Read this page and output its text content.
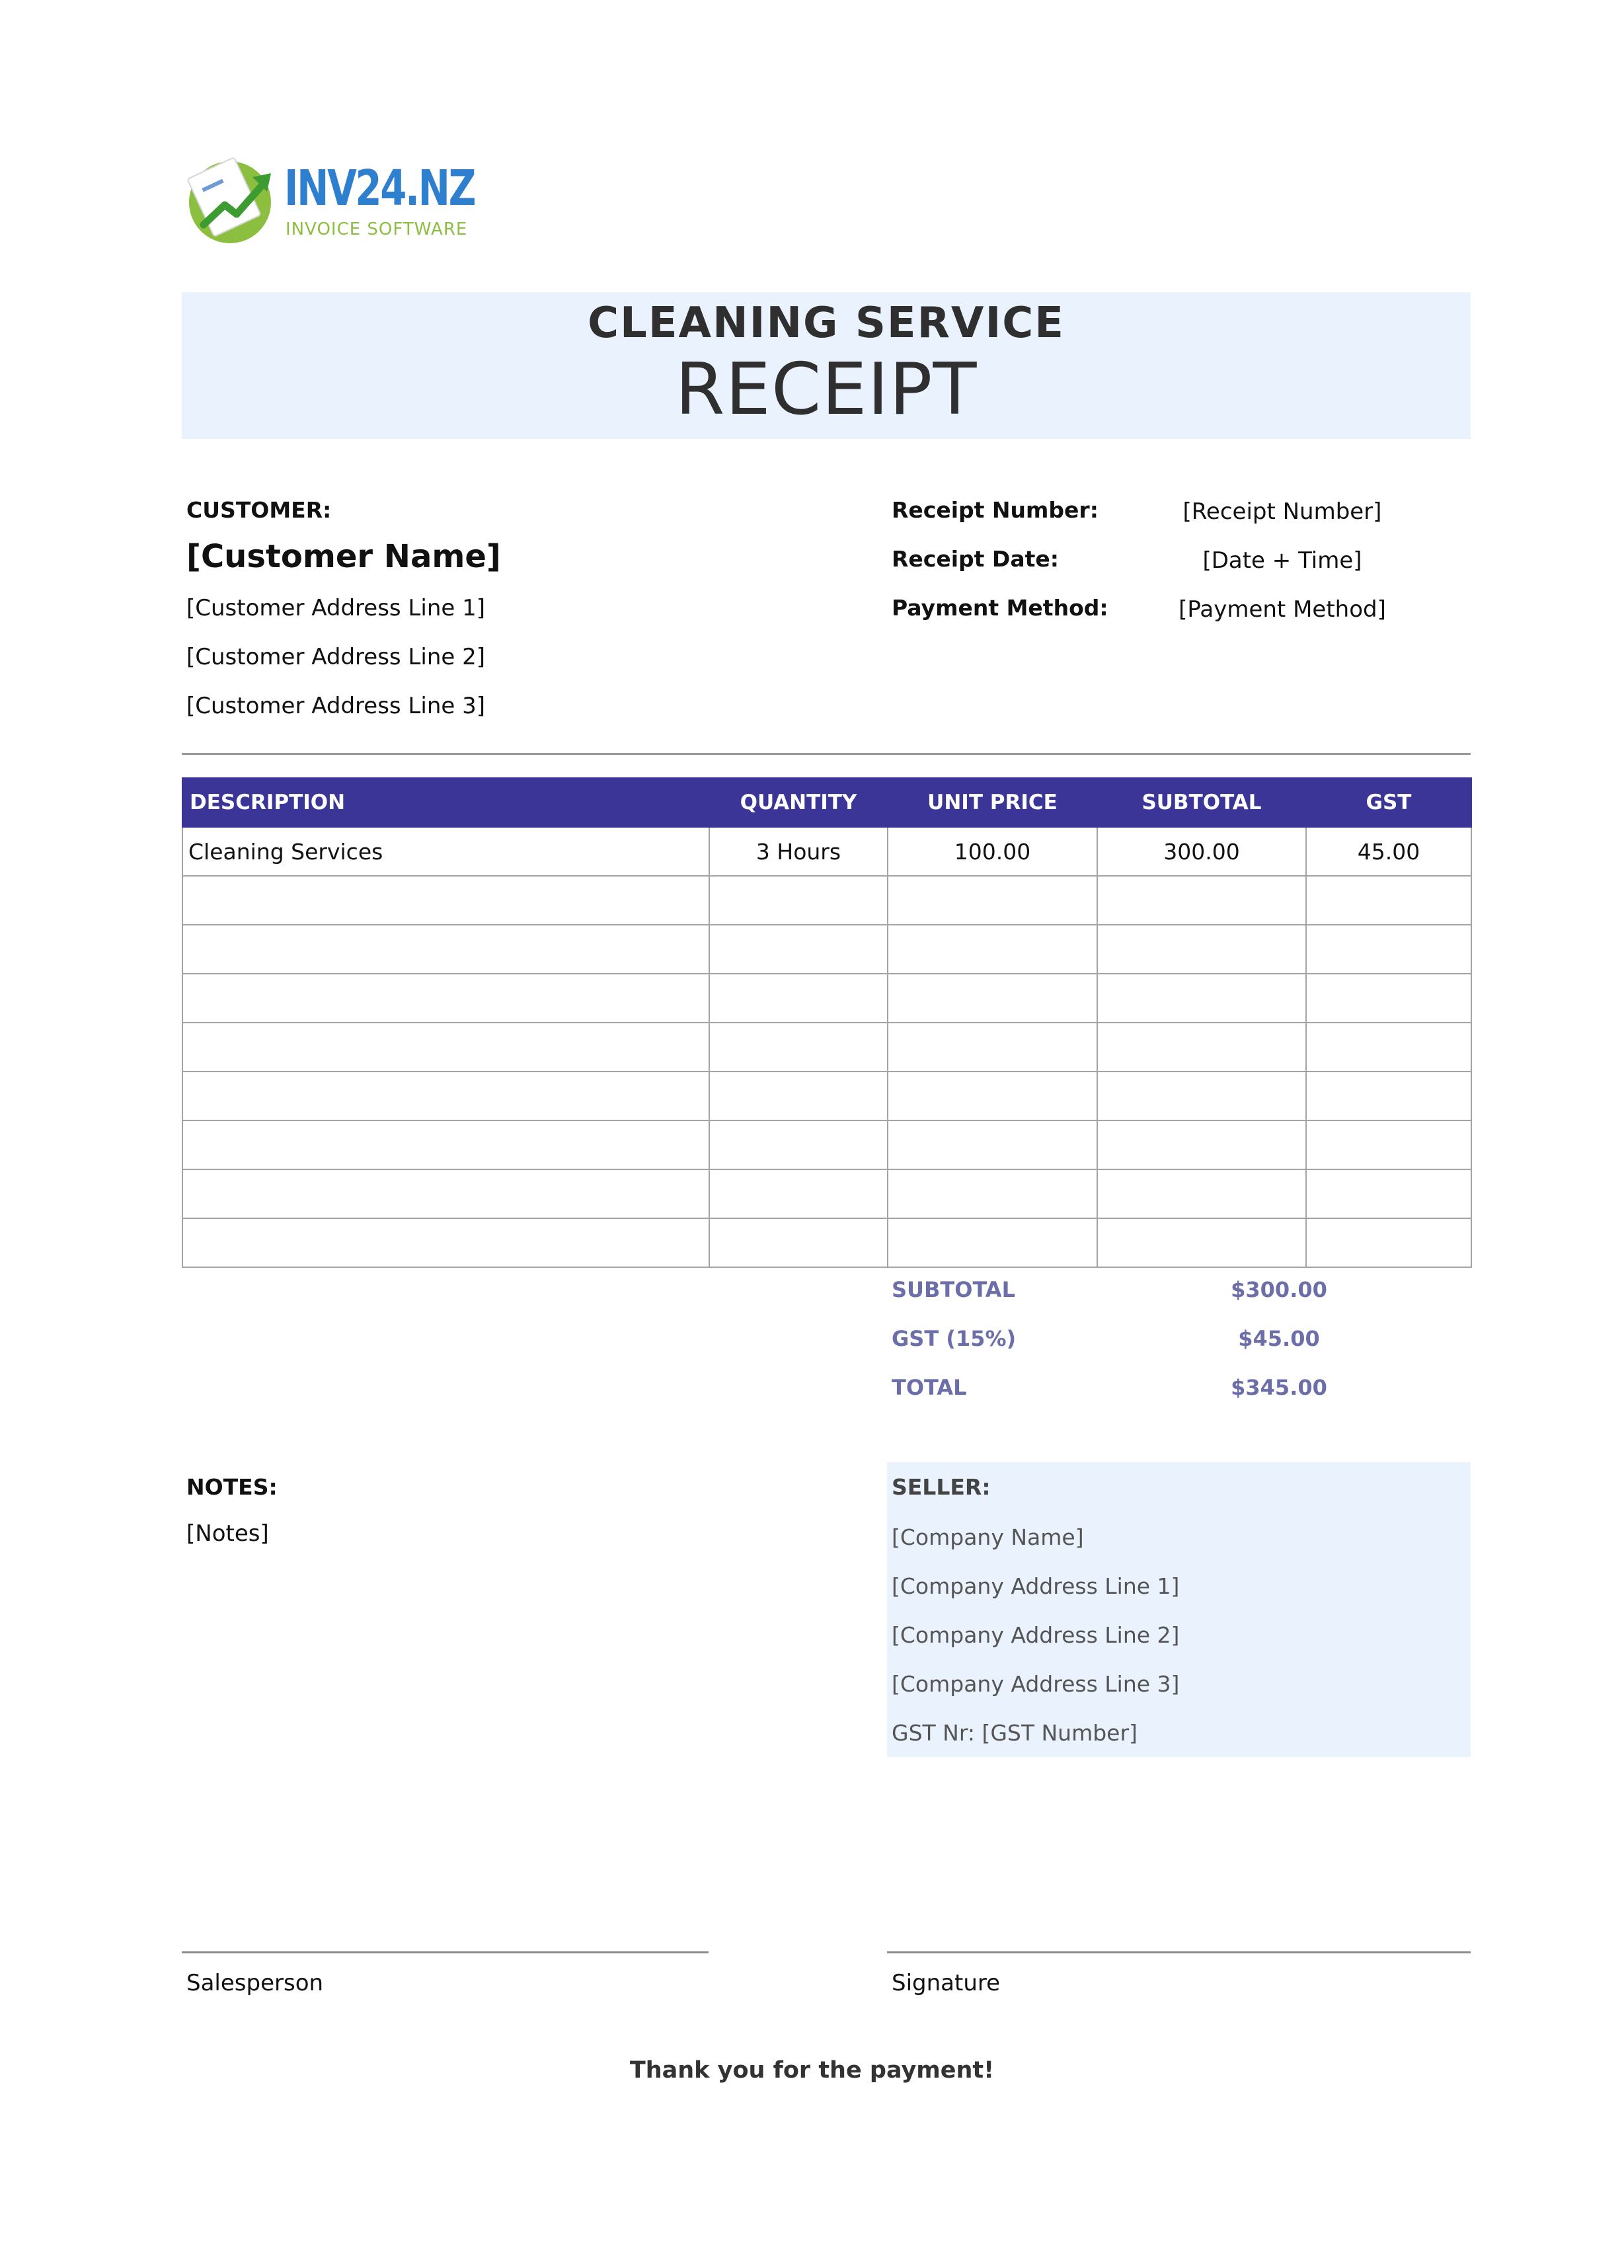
INV24.NZ
INVOICE SOFTWARE
CLEANING SERVICE
RECEIPT
CUSTOMER:
[Customer Name]
[Customer Address Line 1]
[Customer Address Line 2]
[Customer Address Line 3]
Receipt Number:	[Receipt Number]
Receipt Date:	[Date + Time]
Payment Method:	[Payment Method]
DESCRIPTION	QUANTITY	UNIT PRICE	SUBTOTAL	GST
Cleaning Services	3 Hours	100.00	300.00	45.00

SUBTOTAL	$300.00
GST (15%)	$45.00
TOTAL	$345.00
NOTES:
[Notes]
SELLER:
[Company Name]
[Company Address Line 1]
[Company Address Line 2]
[Company Address Line 3]
GST Nr: [GST Number]
Salesperson	Signature
Thank you for the payment!
